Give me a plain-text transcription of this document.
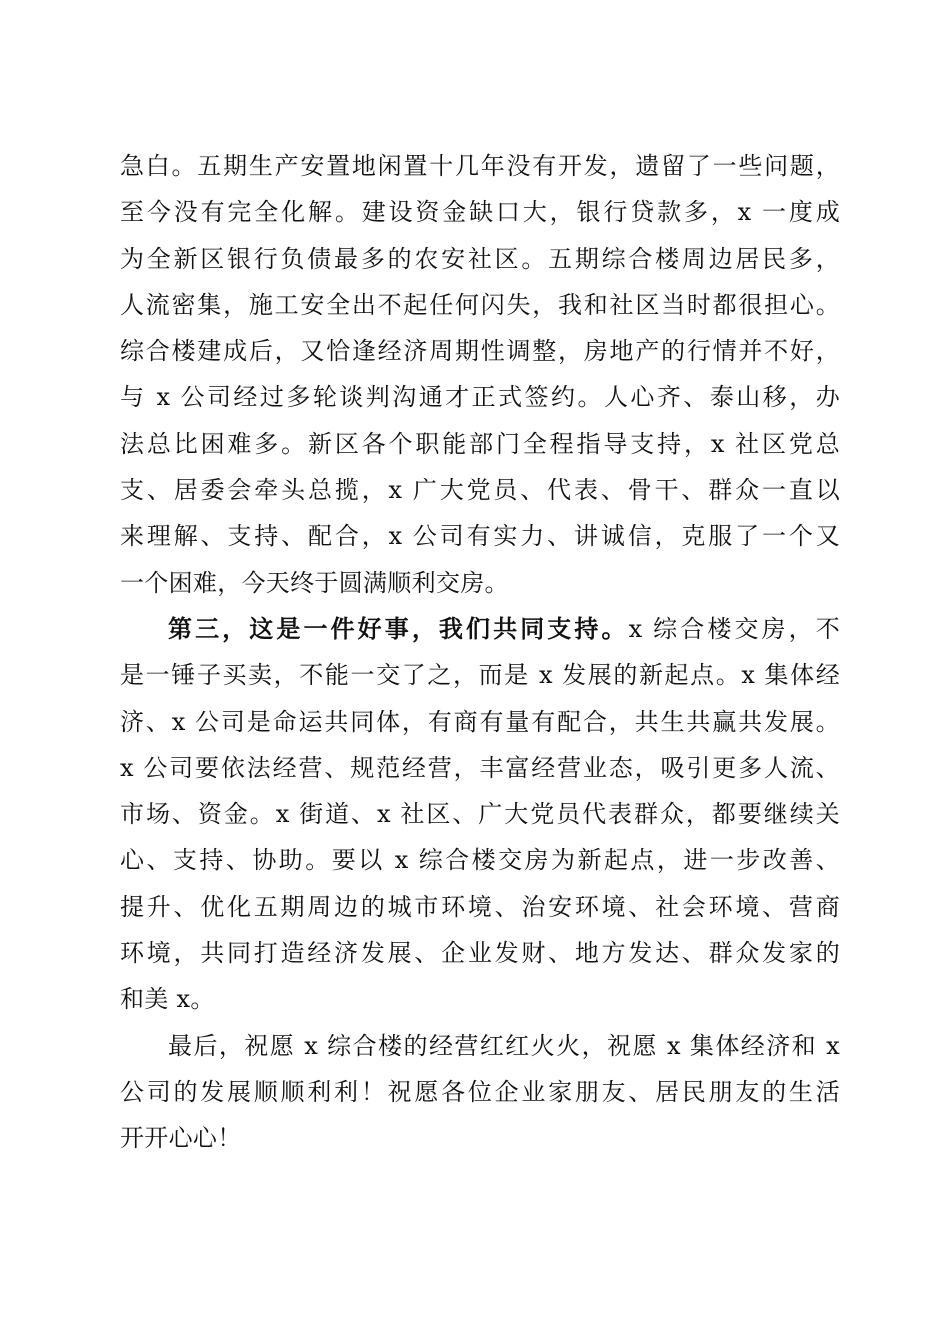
急白。五期生产安置地闲置十几年没有开发，遗留了一些问题，
至今没有完全化解。建设资金缺口大，银行贷款多，x 一度成
为全新区银行负债最多的农安社区。五期综合楼周边居民多，
人流密集，施工安全出不起任何闪失，我和社区当时都很担心。
综合楼建成后，又恰逢经济周期性调整，房地产的行情并不好，
与 x 公司经过多轮谈判沟通才正式签约。人心齐、泰山移，办
法总比困难多。新区各个职能部门全程指导支持，x 社区党总
支、居委会牵头总揽，x 广大党员、代表、骨干、群众一直以
来理解、支持、配合，x 公司有实力、讲诚信，克服了一个又
一个困难，今天终于圆满顺利交房。
第三，这是一件好事，我们共同支持。x 综合楼交房，不
是一锤子买卖，不能一交了之，而是 x 发展的新起点。x 集体经
济、x 公司是命运共同体，有商有量有配合，共生共赢共发展。
x 公司要依法经营、规范经营，丰富经营业态，吸引更多人流、
市场、资金。x 街道、x 社区、广大党员代表群众，都要继续关
心、支持、协助。要以 x 综合楼交房为新起点，进一步改善、
提升、优化五期周边的城市环境、治安环境、社会环境、营商
环境，共同打造经济发展、企业发财、地方发达、群众发家的
和美 x。
最后，祝愿 x 综合楼的经营红红火火，祝愿 x 集体经济和 x
公司的发展顺顺利利！祝愿各位企业家朋友、居民朋友的生活
开开心心！
